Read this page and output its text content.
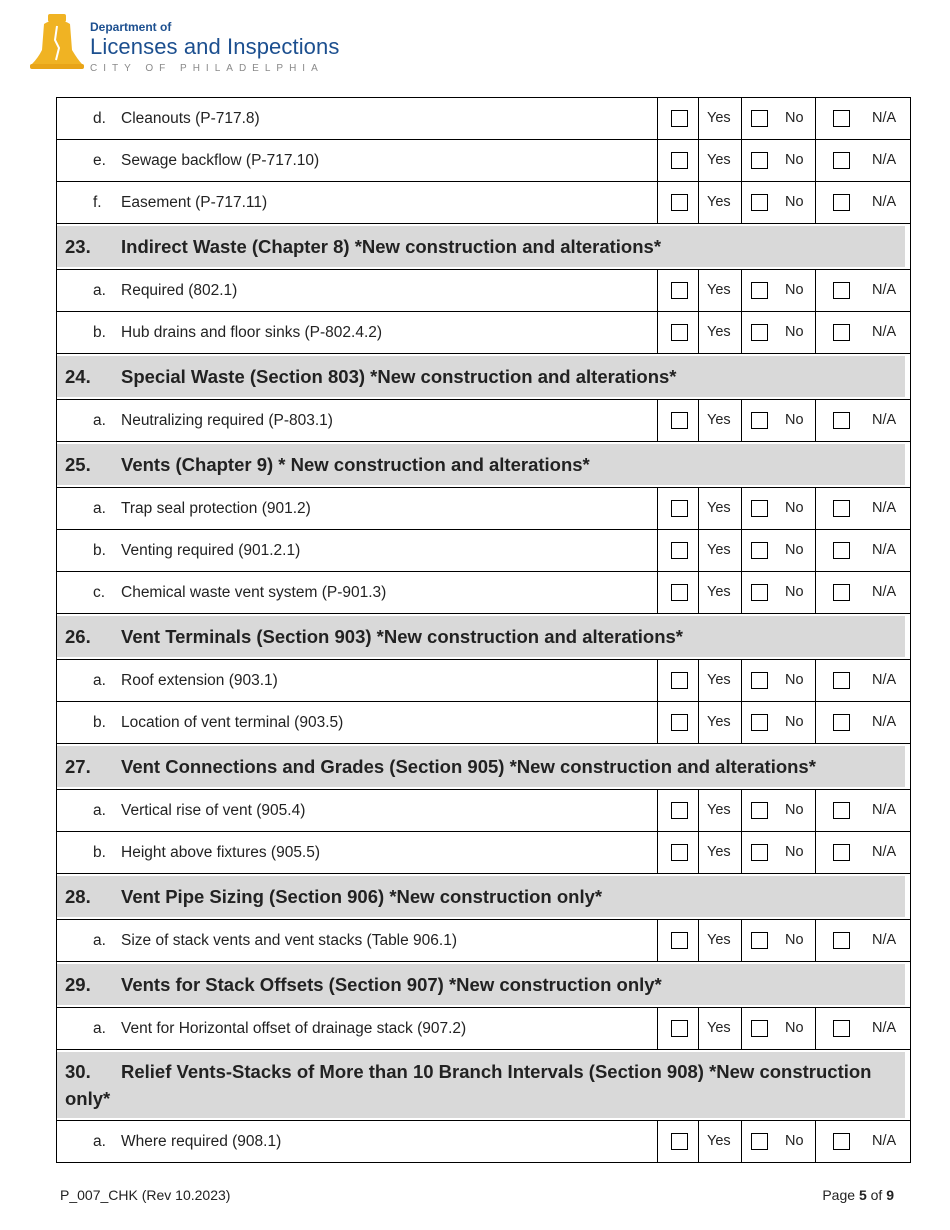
Department of
Licenses and Inspections
CITY OF PHILADELPHIA
d. Cleanouts (P-717.8)	Yes	No	N/A
e. Sewage backflow (P-717.10)	Yes	No	N/A
f. Easement (P-717.11)	Yes	No	N/A
23. Indirect Waste (Chapter 8) *New construction and alterations*
a. Required (802.1)	Yes	No	N/A
b. Hub drains and floor sinks (P-802.4.2)	Yes	No	N/A
24. Special Waste (Section 803) *New construction and alterations*
a. Neutralizing required (P-803.1)	Yes	No	N/A
25. Vents (Chapter 9) * New construction and alterations*
a. Trap seal protection (901.2)	Yes	No	N/A
b. Venting required (901.2.1)	Yes	No	N/A
c. Chemical waste vent system (P-901.3)	Yes	No	N/A
26. Vent Terminals (Section 903) *New construction and alterations*
a. Roof extension (903.1)	Yes	No	N/A
b. Location of vent terminal (903.5)	Yes	No	N/A
27. Vent Connections and Grades (Section 905) *New construction and alterations*
a. Vertical rise of vent (905.4)	Yes	No	N/A
b. Height above fixtures (905.5)	Yes	No	N/A
28. Vent Pipe Sizing (Section 906) *New construction only*
a. Size of stack vents and vent stacks (Table 906.1)	Yes	No	N/A
29. Vents for Stack Offsets (Section 907) *New construction only*
a. Vent for Horizontal offset of drainage stack (907.2)	Yes	No	N/A
30. Relief Vents-Stacks of More than 10 Branch Intervals (Section 908) *New construction only*
a. Where required (908.1)	Yes	No	N/A
P_007_CHK (Rev 10.2023)	Page 5 of 9
